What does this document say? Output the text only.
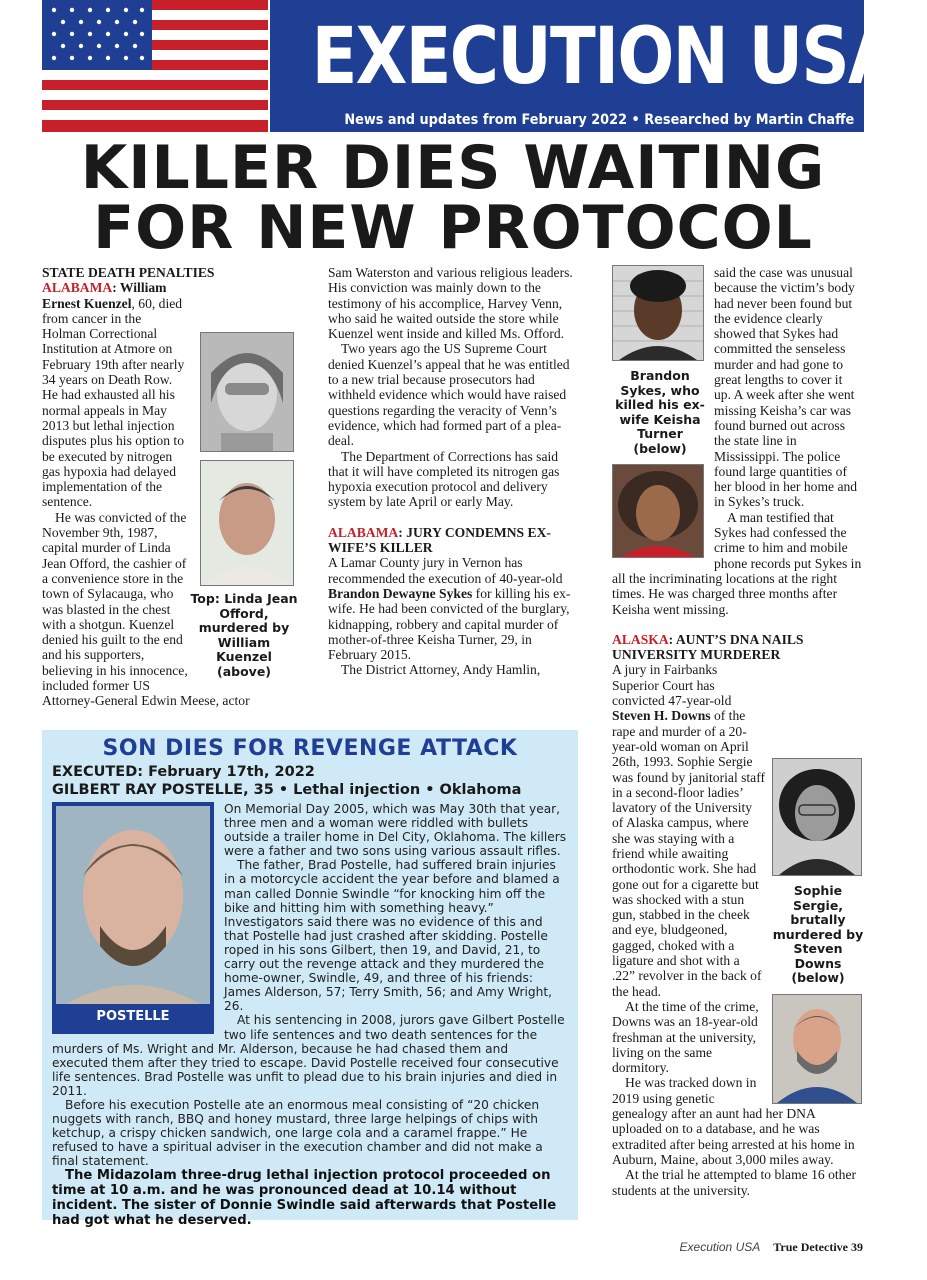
EXECUTION USA
News and updates from February 2022 • Researched by Martin Chaffe
KILLER DIES WAITING
FOR NEW PROTOCOL
STATE DEATH PENALTIES
Top: Linda Jean Offord, murdered by William Kuenzel (above)

ALABAMA: William Ernest Kuenzel, 60, died from cancer in the Holman Correctional Institution at Atmore on February 19th after nearly 34 years on Death Row. He had exhausted all his normal appeals in May 2013 but lethal injection disputes plus his option to be executed by nitrogen gas hypoxia had delayed implementation of the sentence.

He was convicted of the November 9th, 1987, capital murder of Linda Jean Offord, the cashier of a convenience store in the town of Sylacauga, who was blasted in the chest with a shotgun. Kuenzel denied his guilt to the end and his supporters, believing in his innocence, included former US Attorney-General Edwin Meese, actor

Sam Waterston and various religious leaders. His conviction was mainly down to the testimony of his accomplice, Harvey Venn, who said he waited outside the store while Kuenzel went inside and killed Ms. Offord.

Two years ago the US Supreme Court denied Kuenzel’s appeal that he was entitled to a new trial because prosecutors had withheld evidence which would have raised questions regarding the veracity of Venn’s evidence, which had formed part of a plea-deal.

The Department of Corrections has said that it will have completed its nitrogen gas hypoxia execution protocol and delivery system by late April or early May.

ALABAMA: JURY CONDEMNS EX-WIFE’S KILLER

A Lamar County jury in Vernon has recommended the execution of 40-year-old Brandon Dewayne Sykes for killing his ex-wife. He had been convicted of the burglary, kidnapping, robbery and capital murder of mother-of-three Keisha Turner, 29, in February 2015.

The District Attorney, Andy Hamlin,

Brandon Sykes, who killed his ex-wife Keisha Turner (below)

said the case was unusual because the victim’s body had never been found but the evidence clearly showed that Sykes had committed the senseless murder and had gone to great lengths to cover it up. A week after she went missing Keisha’s car was found burned out across the state line in Mississippi. The police found large quantities of her blood in her home and in Sykes’s truck.

A man testified that Sykes had confessed the crime to him and mobile phone records put Sykes in all the incriminating locations at the right times. He was charged three months after Keisha went missing.

ALASKA: AUNT’S DNA NAILS UNIVERSITY MURDERER

Sophie Sergie, brutally murdered by Steven Downs (below)

A jury in Fairbanks Superior Court has convicted 47-year-old Steven H. Downs of the rape and murder of a 20-year-old woman on April 26th, 1993. Sophie Sergie was found by janitorial staff in a second-floor ladies’ lavatory of the University of Alaska campus, where she was staying with a friend while awaiting orthodontic work. She had gone out for a cigarette but was shocked with a stun gun, stabbed in the cheek and eye, bludgeoned, gagged, choked with a ligature and shot with a .22” revolver in the back of the head.

At the time of the crime, Downs was an 18-year-old freshman at the university, living on the same dormitory.

He was tracked down in 2019 using genetic genealogy after an aunt had her DNA uploaded on to a database, and he was extradited after being arrested at his home in Auburn, Maine, about 3,000 miles away.

At the trial he attempted to blame 16 other students at the university.

SON DIES FOR REVENGE ATTACK
EXECUTED: February 17th, 2022
GILBERT RAY POSTELLE, 35 • Lethal injection • Oklahoma
POSTELLE

On Memorial Day 2005, which was May 30th that year, three men and a woman were riddled with bullets outside a trailer home in Del City, Oklahoma. The killers were a father and two sons using various assault rifles.

The father, Brad Postelle, had suffered brain injuries in a motorcycle accident the year before and blamed a man called Donnie Swindle “for knocking him off the bike and hitting him with something heavy.” Investigators said there was no evidence of this and that Postelle had just crashed after skidding. Postelle roped in his sons Gilbert, then 19, and David, 21, to carry out the revenge attack and they murdered the home-owner, Swindle, 49, and three of his friends: James Alderson, 57; Terry Smith, 56; and Amy Wright, 26.

At his sentencing in 2008, jurors gave Gilbert Postelle two life sentences and two death sentences for the murders of Ms. Wright and Mr. Alderson, because he had chased them and executed them after they tried to escape. David Postelle received four consecutive life sentences. Brad Postelle was unfit to plead due to his brain injuries and died in 2011.

Before his execution Postelle ate an enormous meal consisting of “20 chicken nuggets with ranch, BBQ and honey mustard, three large helpings of chips with ketchup, a crispy chicken sandwich, one large cola and a caramel frappe.” He refused to have a spiritual adviser in the execution chamber and did not make a final statement.

The Midazolam three-drug lethal injection protocol proceeded on time at 10 a.m. and he was pronounced dead at 10.14 without incident. The sister of Donnie Swindle said afterwards that Postelle had got what he deserved.

Execution USA True Detective 39
